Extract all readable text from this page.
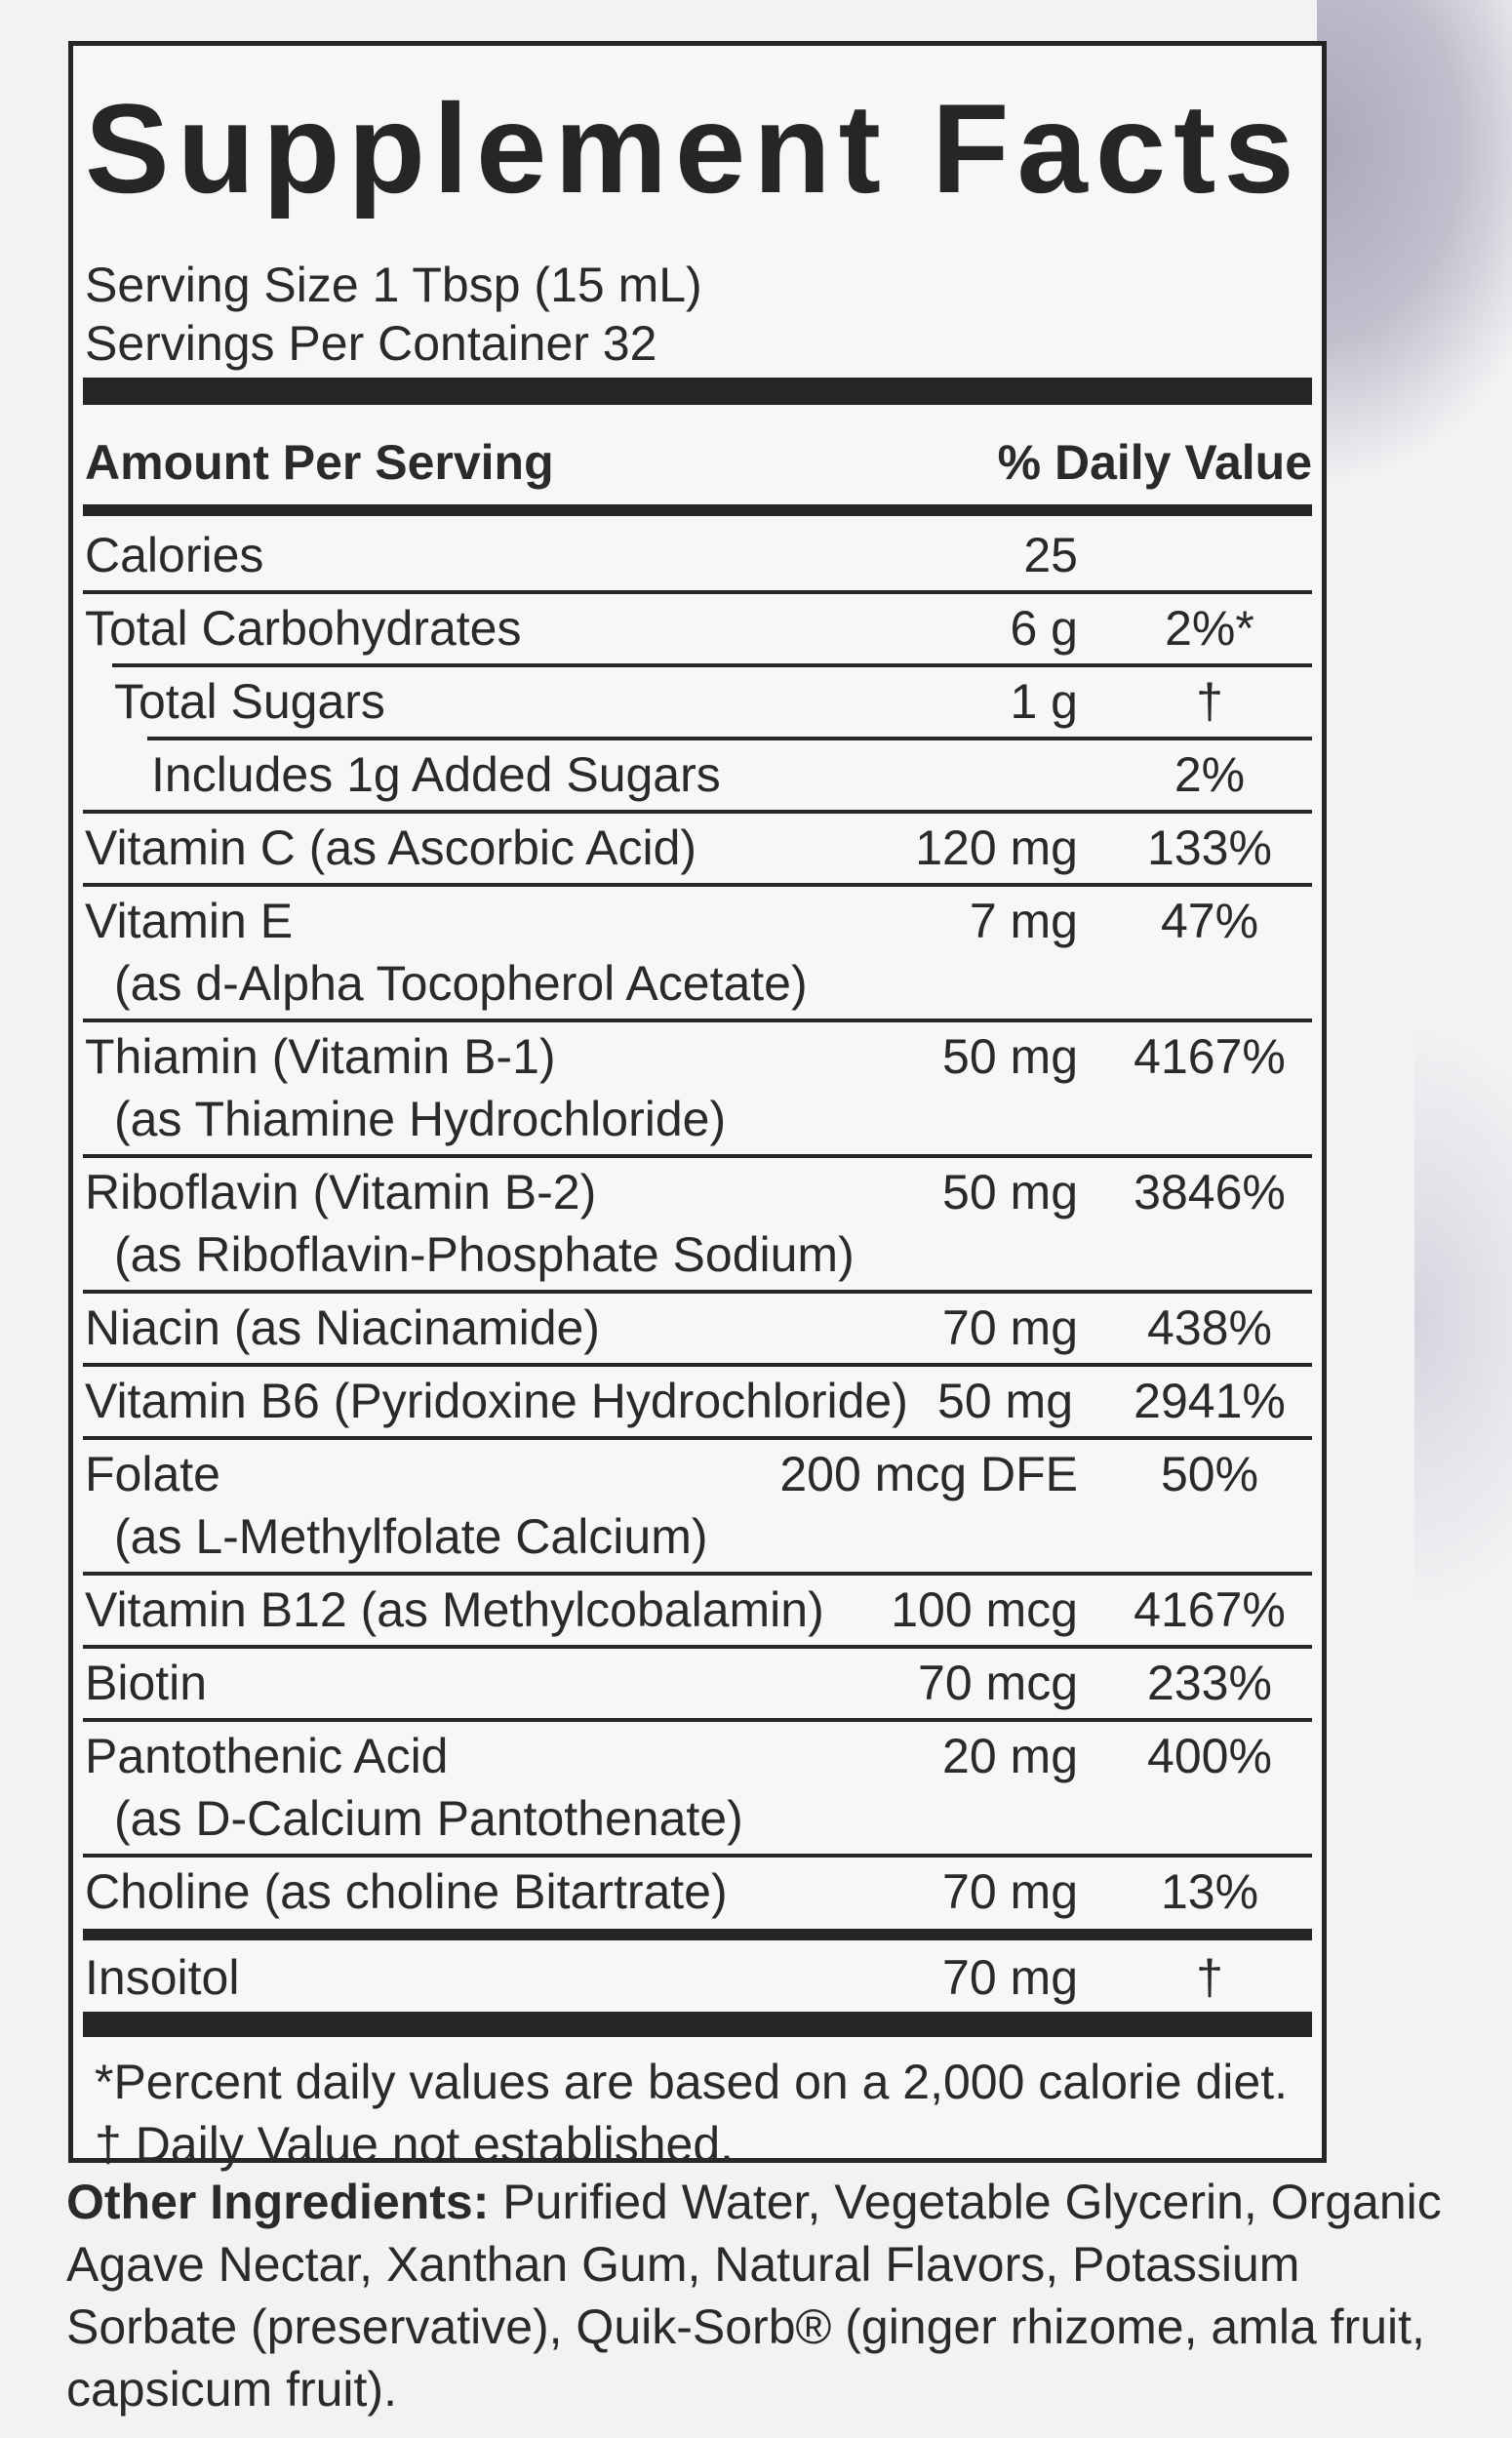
Supplement Facts
Serving Size 1 Tbsp (15 mL)
Servings Per Container 32
Amount Per Serving	% Daily Value
Calories	25
Total Carbohydrates	6 g	2%*
Total Sugars	1 g	†
Includes 1g Added Sugars	2%
Vitamin C (as Ascorbic Acid)	120 mg	133%
Vitamin E	7 mg	47%
(as d-Alpha Tocopherol Acetate)
Thiamin (Vitamin B-1)	50 mg 4167%
(as Thiamine Hydrochloride)
Riboflavin (Vitamin B-2)	50 mg 3846%
(as Riboflavin-Phosphate Sodium)
Niacin (as Niacinamide)	70 mg	438%
Vitamin B6 (Pyridoxine Hydrochloride) 50 mg 2941%
Folate	200 mcg DFE	50%
(as L-Methylfolate Calcium)
Vitamin B12 (as Methylcobalamin) 100 mcg 4167%
Biotin	70 mcg	233%
Pantothenic Acid	20 mg	400%
(as D-Calcium Pantothenate)
Choline (as choline Bitartrate)	70 mg	13%
Insoitol	70 mg	†
*Percent daily values are based on a 2,000 calorie diet.
† Daily Value not established.
Other Ingredients: Purified Water, Vegetable Glycerin, Organic Agave Nectar, Xanthan Gum, Natural Flavors, Potassium Sorbate (preservative), Quik-Sorb® (ginger rhizome, amla fruit, capsicum fruit).
